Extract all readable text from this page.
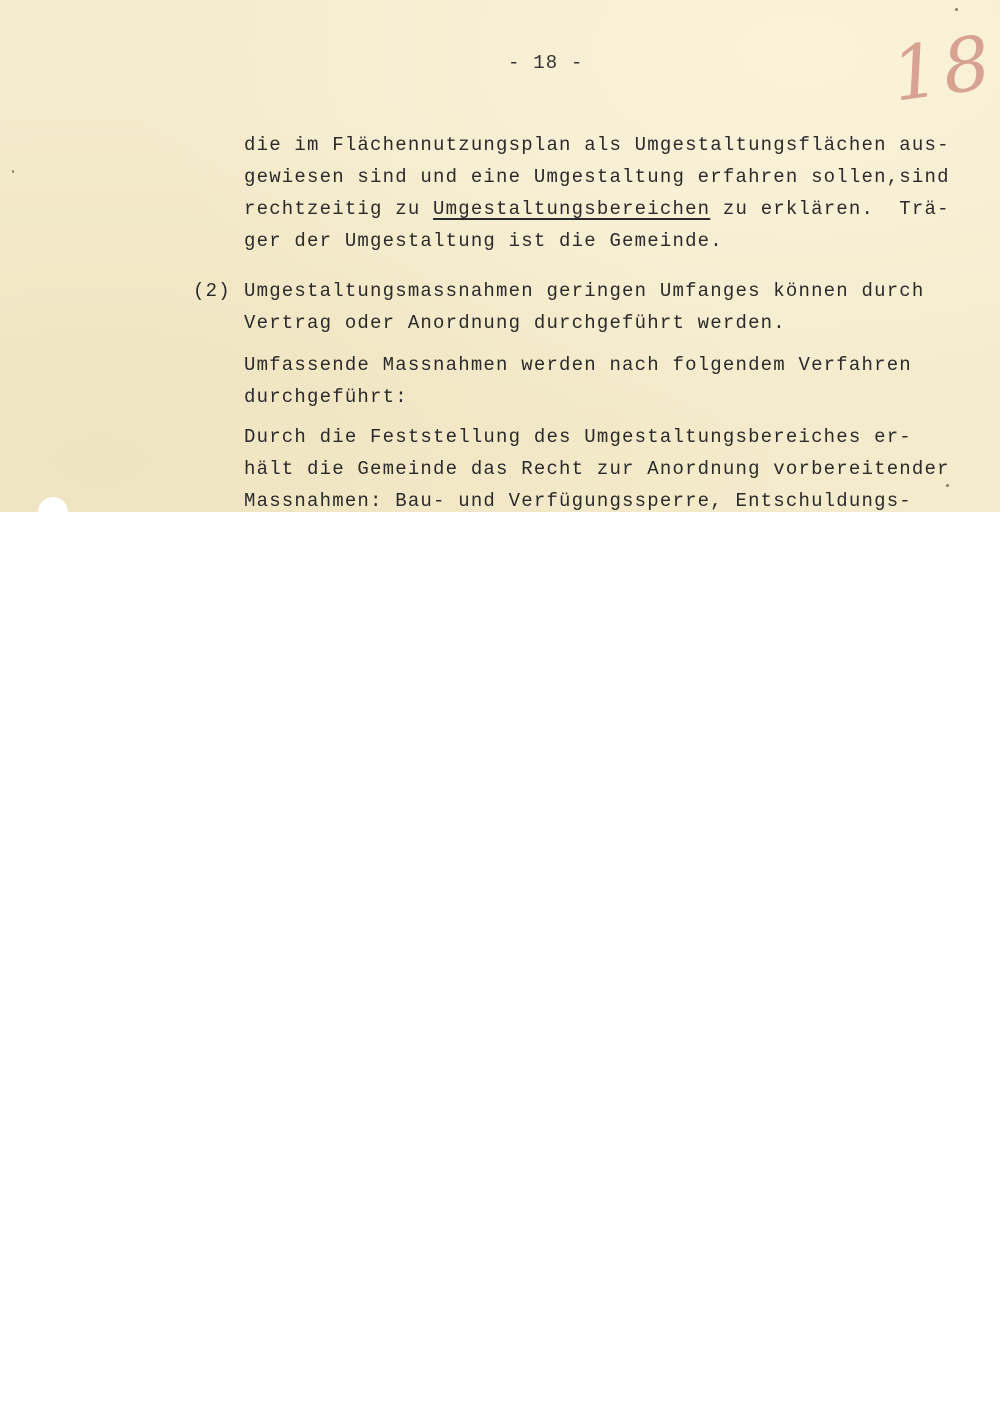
- 18 -	18
die im Flächennutzungsplan als Umgestaltungsflächen aus-
gewiesen sind und eine Umgestaltung erfahren sollen,sind
rechtzeitig zu Umgestaltungsbereichen zu erklären.  Trä-
ger der Umgestaltung ist die Gemeinde.
(2) Umgestaltungsmassnahmen geringen Umfanges können durch
Vertrag oder Anordnung durchgeführt werden.
Umfassende Massnahmen werden nach folgendem Verfahren
durchgeführt:
Durch die Feststellung des Umgestaltungsbereiches er-
hält die Gemeinde das Recht zur Anordnung vorbereitender
Massnahmen: Bau- und Verfügungssperre, Entschuldungs-
